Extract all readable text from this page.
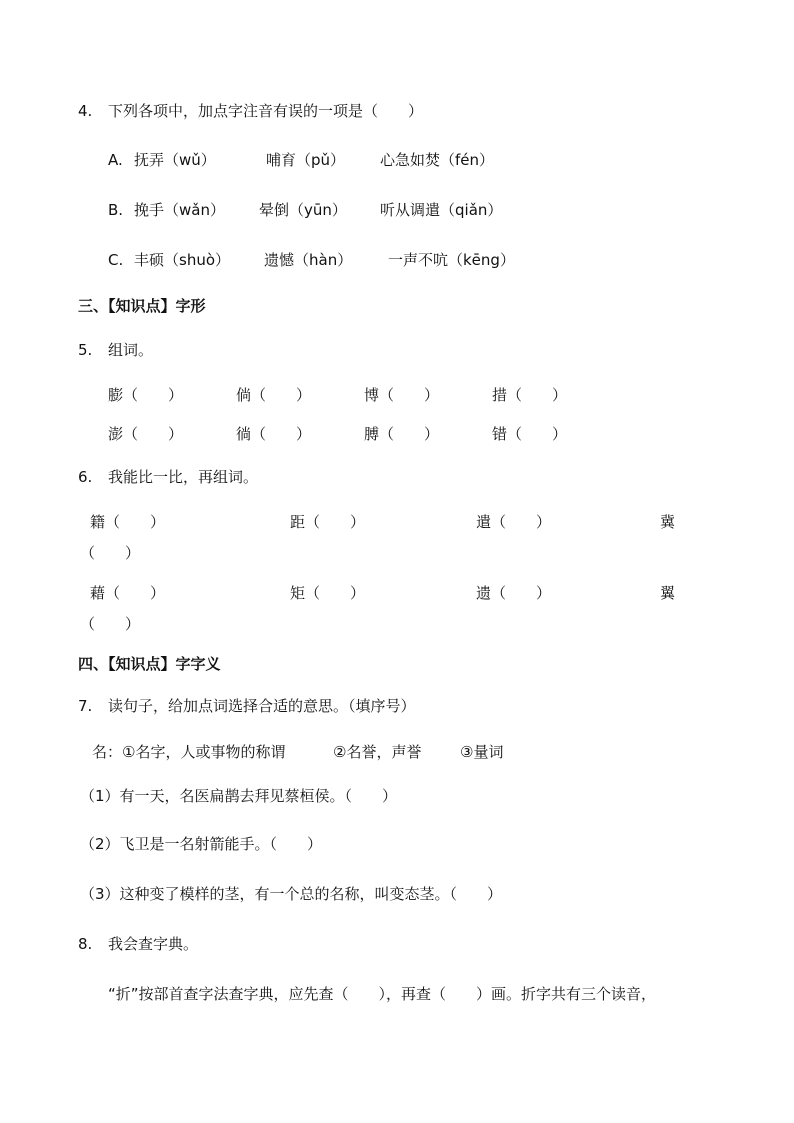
4. 下列各项中，加点字注音有误的一项是（　　）
A. 抚弄（wǔ）	哺育（pǔ） 心急如焚（fén）
B. 挽手（wǎn） 晕倒（yūn） 听从调遣（qiǎn）
C. 丰硕（shuò） 遗憾（hàn） 一声不吭（kēng）
三、【知识点】字形
5. 组词。
膨（　　）	倘（　　）	博（　　）	措（　　）
澎（　　）	徜（　　）	膊（　　）	错（　　）
6. 我能比一比，再组词。
籍（　　）	距（　　）	遣（　　）	冀
（　　）
藉（　　）	矩（　　）	遗（　　）	翼
（　　）
四、【知识点】字字义
7. 读句子，给加点词选择合适的意思。（填序号）
名： ①名字，人或事物的称谓	②名誉，声誉	③量词
（1）有一天，名医扁鹊去拜见蔡桓侯。（　　）
（2）飞卫是一名射箭能手。（　　）
（3）这种变了模样的茎，有一个总的名称，叫变态茎。（　　）
8. 我会查字典。
“折”按部首查字法查字典，应先查（　　），再查（　　）画。折字共有三个读音，
